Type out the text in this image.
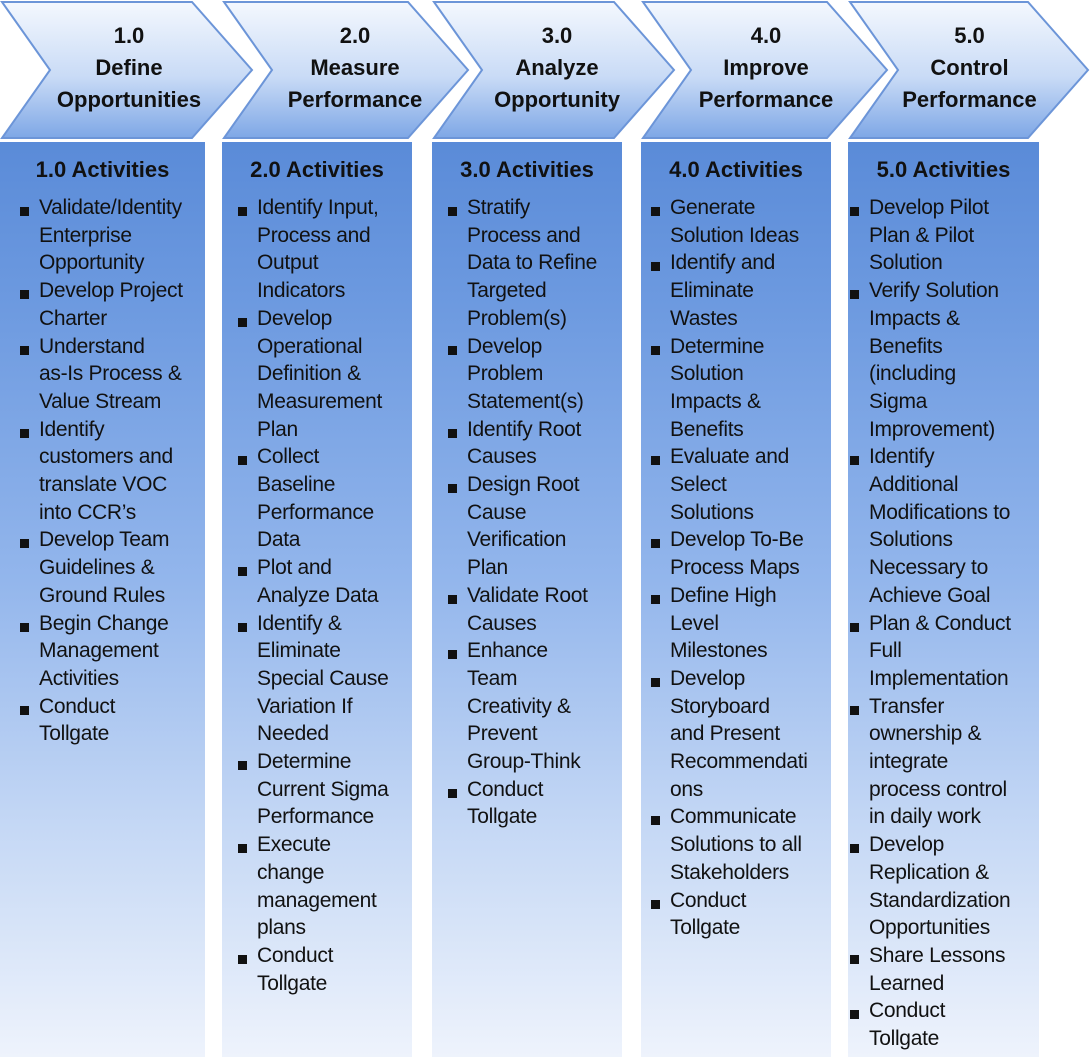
1.0
Define
Opportunities
1.0 Activities
Validate/Identity
Enterprise
Opportunity
Develop Project
Charter
Understand
as-Is Process &
Value Stream
Identify
customers and
translate VOC
into CCR’s
Develop Team
Guidelines &
Ground Rules
Begin Change
Management
Activities
Conduct
Tollgate
2.0
Measure
Performance
2.0 Activities
Identify Input,
Process and
Output
Indicators
Develop
Operational
Definition &
Measurement
Plan
Collect
Baseline
Performance
Data
Plot and
Analyze Data
Identify &
Eliminate
Special Cause
Variation If
Needed
Determine
Current Sigma
Performance
Execute
change
management
plans
Conduct
Tollgate
3.0
Analyze
Opportunity
3.0 Activities
Stratify
Process and
Data to Refine
Targeted
Problem(s)
Develop
Problem
Statement(s)
Identify Root
Causes
Design Root
Cause
Verification
Plan
Validate Root
Causes
Enhance
Team
Creativity &
Prevent
Group-Think
Conduct
Tollgate
4.0
Improve
Performance
4.0 Activities
Generate
Solution Ideas
Identify and
Eliminate
Wastes
Determine
Solution
Impacts &
Benefits
Evaluate and
Select
Solutions
Develop To-Be
Process Maps
Define High
Level
Milestones
Develop
Storyboard
and Present
Recommendati
ons
Communicate
Solutions to all
Stakeholders
Conduct
Tollgate
5.0
Control
Performance
5.0 Activities
Develop Pilot
Plan & Pilot
Solution
Verify Solution
Impacts &
Benefits
(including
Sigma
Improvement)
Identify
Additional
Modifications to
Solutions
Necessary to
Achieve Goal
Plan & Conduct
Full
Implementation
Transfer
ownership &
integrate
process control
in daily work
Develop
Replication &
Standardization
Opportunities
Share Lessons
Learned
Conduct
Tollgate
